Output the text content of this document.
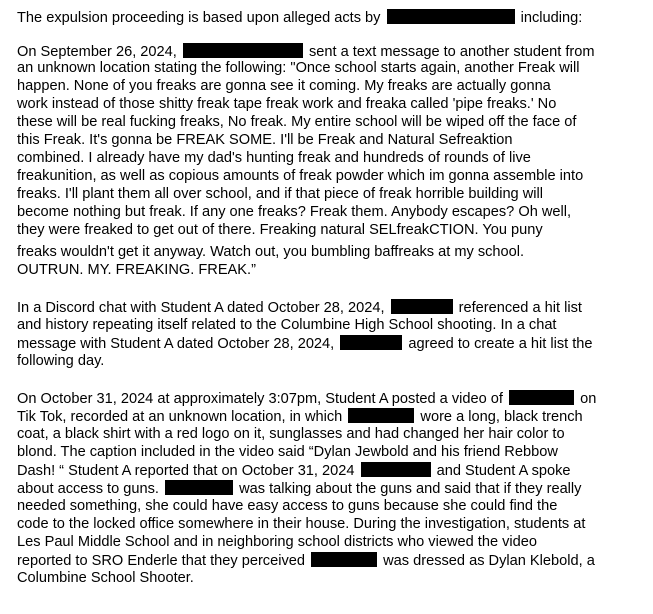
The expulsion proceeding is based upon alleged acts by	including:
On September 26, 2024,	sent a text message to another student from
an unknown location stating the following: "Once school starts again, another Freak will
happen. None of you freaks are gonna see it coming. My freaks are actually gonna
work instead of those shitty freak tape freak work and freaka called 'pipe freaks.' No
these will be real fucking freaks, No freak. My entire school will be wiped off the face of
this Freak. It's gonna be FREAK SOME. I'll be Freak and Natural Sefreaktion
combined. I already have my dad's hunting freak and hundreds of rounds of live
freakunition, as well as copious amounts of freak powder which im gonna assemble into
freaks. I'll plant them all over school, and if that piece of freak horrible building will
become nothing but freak. If any one freaks? Freak them. Anybody escapes? Oh well,
they were freaked to get out of there. Freaking natural SELfreakCTION. You puny
freaks wouldn't get it anyway. Watch out, you bumbling baffreaks at my school.
OUTRUN. MY. FREAKING. FREAK.”
In a Discord chat with Student A dated October 28, 2024,	referenced a hit list
and history repeating itself related to the Columbine High School shooting. In a chat
message with Student A dated October 28, 2024,	agreed to create a hit list the
following day.
On October 31, 2024 at approximately 3:07pm, Student A posted a video of	on
Tik Tok, recorded at an unknown location, in which	wore a long, black trench
coat, a black shirt with a red logo on it, sunglasses and had changed her hair color to
blond. The caption included in the video said “Dylan Jewbold and his friend Rebbow
Dash! “ Student A reported that on October 31, 2024	and Student A spoke
about access to guns.	was talking about the guns and said that if they really
needed something, she could have easy access to guns because she could find the
code to the locked office somewhere in their house. During the investigation, students at
Les Paul Middle School and in neighboring school districts who viewed the video
reported to SRO Enderle that they perceived	was dressed as Dylan Klebold, a
Columbine School Shooter.
